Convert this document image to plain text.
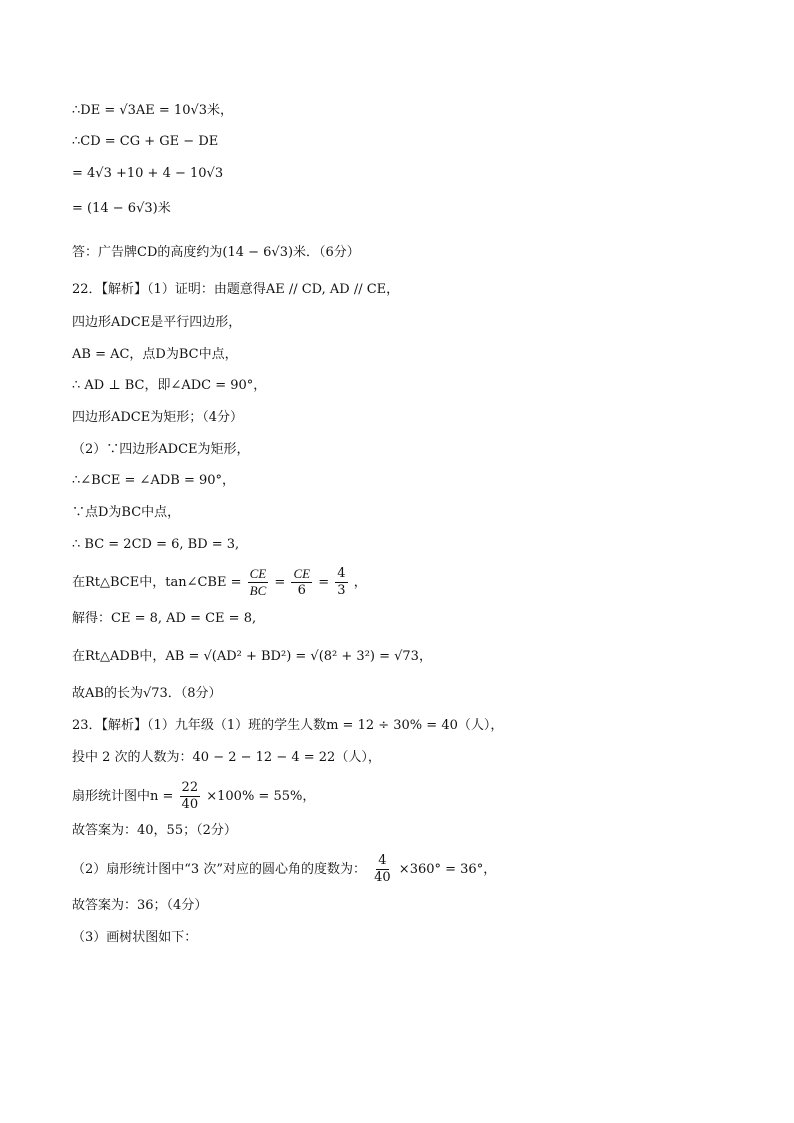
∴DE = √3AE = 10√3米，
∴CD = CG + GE − DE
= 4√3 +10 + 4 − 10√3
= (14 − 6√3)米
答：广告牌CD的高度约为(14 − 6√3)米．（6分）
22．【解析】（1）证明：由题意得AE // CD, AD // CE，
四边形ADCE是平行四边形，
AB = AC，点D为BC中点，
∴ AD ⊥ BC，即∠ADC = 90°，
四边形ADCE为矩形；（4分）
（2）∵四边形ADCE为矩形，
∴∠BCE = ∠ADB = 90°，
∵点D为BC中点，
∴ BC = 2CD = 6, BD = 3,
在Rt△BCE中，tan∠CBE = $\frac{CE}{BC} = \frac{CE}{6} = \frac{4}{3}$ ，
解得：CE = 8, AD = CE = 8,
在Rt△ADB中，AB = √(AD² + BD²) = √(8² + 3²) = √73，
故AB的长为√73．（8分）
23．【解析】（1）九年级（1）班的学生人数m = 12 ÷ 30% = 40（人），
投中 2 次的人数为：40 − 2 − 12 − 4 = 22（人），
扇形统计图中$n = \frac{22}{40} \times 100\% = 55\%$，
故答案为：40，55；（2分）
（2）扇形统计图中“3 次”对应的圆心角的度数为： $\frac{4}{40} \times 360^\circ = 36^\circ$，
故答案为：36；（4分）
（3）画树状图如下：
